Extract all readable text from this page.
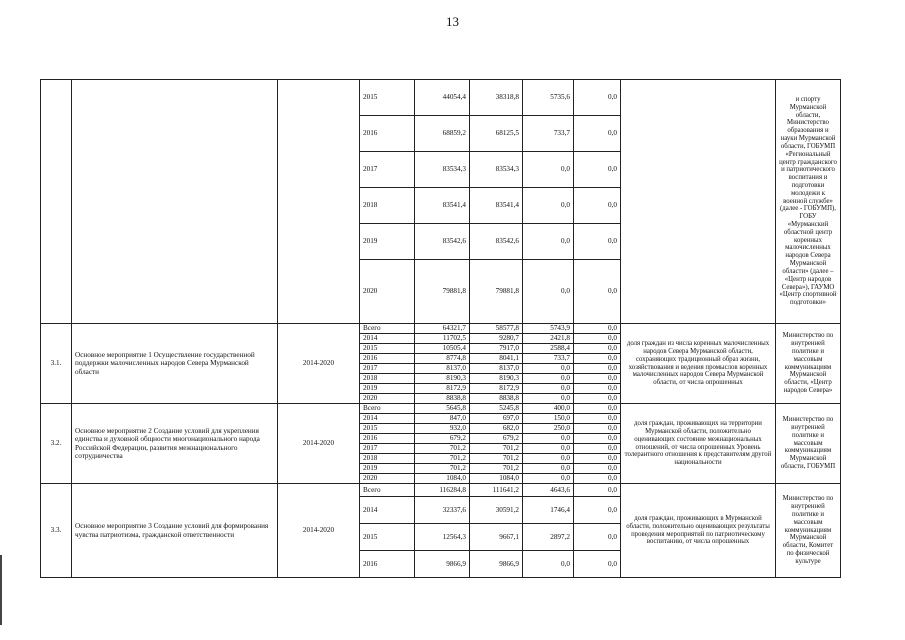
13
			2015	44054,4	38318,8	5735,6	0,0		и спорту Мурманской области, Министерство образования и науки Мурманской области, ГОБУМП «Региональный центр гражданского и патриотического воспитания и подготовки молодежи к военной службе» (далее - ГОБУМП), ГОБУ «Мурманский областной центр коренных малочисленных народов Севера Мурманской области» (далее – «Центр народов Севера»), ГАУМО «Центр спортивной подготовки»
			2016	68859,2	68125,5	733,7	0,0		
			2017	83534,3	83534,3	0,0	0,0		
			2018	83541,4	83541,4	0,0	0,0		
			2019	83542,6	83542,6	0,0	0,0		
			2020	79881,8	79881,8	0,0	0,0		
3.1.	Основное мероприятие 1 Осуществление государственной поддержки малочисленных народов Севера Мурманской области	2014-2020	Всего	64321,7	58577,8	5743,9	0,0	доля граждан из числа коренных малочисленных народов Севера Мурманской области, сохраняющих традиционный образ жизни, хозяйствования и ведения промыслов коренных малочисленных народов Севера Мурманской области, от числа опрошенных	Министерство по внутренней политике и массовым коммуникациям Мурманской области, «Центр народов Севера»
			2014	11702,5	9280,7	2421,8	0,0		
			2015	10505,4	7917,0	2588,4	0,0		
			2016	8774,8	8041,1	733,7	0,0		
			2017	8137,0	8137,0	0,0	0,0		
			2018	8190,3	8190,3	0,0	0,0		
			2019	8172,9	8172,9	0,0	0,0		
			2020	8838,8	8838,8	0,0	0,0		
3.2.	Основное мероприятие 2 Создание условий для укрепления единства и духовной общности многонационального народа Российской Федерации, развития межнационального сотрудничества	2014-2020	Всего	5645,8	5245,8	400,0	0,0	доля граждан, проживающих на территории Мурманской области, положительно оценивающих состояние межнациональных отношений, от числа опрошенных Уровень толерантного отношения к представителям другой национальности	Министерство по внутренней политике и массовым коммуникациям Мурманской области, ГОБУМП
			2014	847,0	697,0	150,0	0,0		
			2015	932,0	682,0	250,0	0,0		
			2016	679,2	679,2	0,0	0,0		
			2017	701,2	701,2	0,0	0,0		
			2018	701,2	701,2	0,0	0,0		
			2019	701,2	701,2	0,0	0,0		
			2020	1084,0	1084,0	0,0	0,0		
3.3.	Основное мероприятие 3 Создание условий для формирования чувства патриотизма, гражданской ответственности	2014-2020	Всего	116284,8	111641,2	4643,6	0,0	доля граждан, проживающих в Мурманской области, положительно оценивающих результаты проведения мероприятий по патриотическому воспитанию, от числа опрошенных	Министерство по внутренней политике и массовым коммуникациям Мурманской области, Комитет по физической культуре
			2014	32337,6	30591,2	1746,4	0,0		
			2015	12564,3	9667,1	2897,2	0,0		
			2016	9866,9	9866,9	0,0	0,0		
